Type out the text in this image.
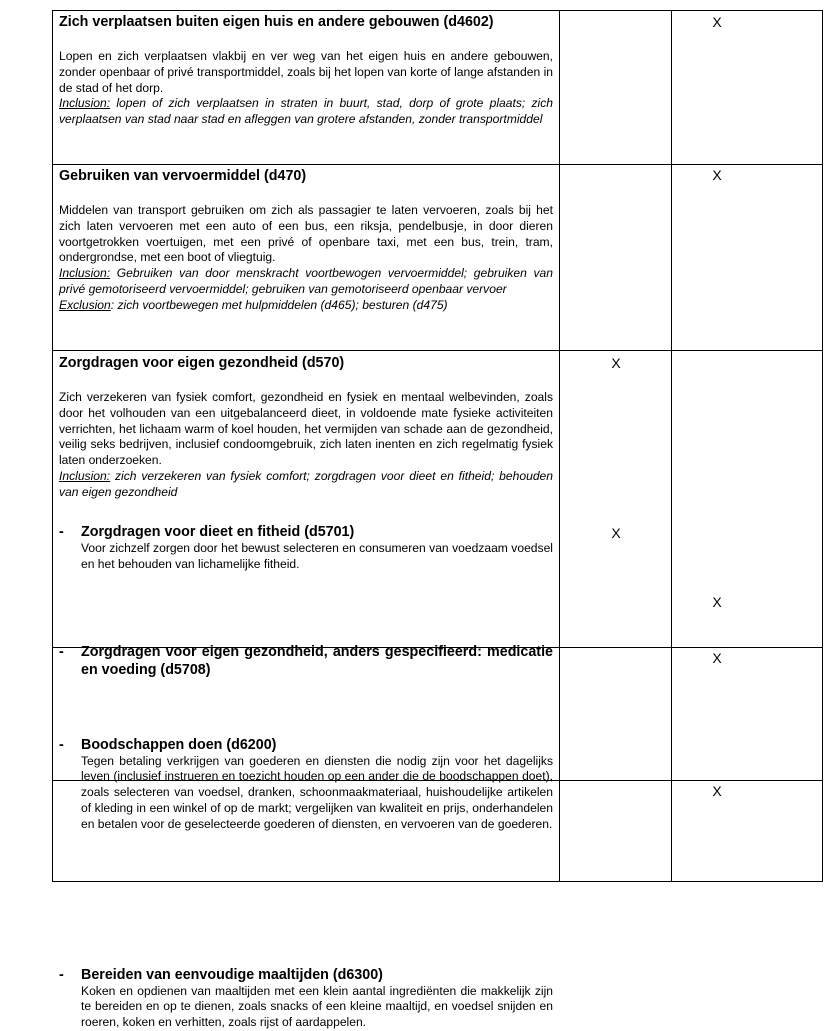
Zich verplaatsen buiten eigen huis en andere gebouwen (d4602)

Lopen en zich verplaatsen vlakbij en ver weg van het eigen huis en andere gebouwen, zonder openbaar of privé transportmiddel, zoals bij het lopen van korte of lange afstanden in de stad of het dorp.

Inclusion: lopen of zich verplaatsen in straten in buurt, stad, dorp of grote plaats; zich verplaatsen van stad naar stad en afleggen van grotere afstanden, zonder transportmiddel

X

Gebruiken van vervoermiddel (d470)

Middelen van transport gebruiken om zich als passagier te laten vervoeren, zoals bij het zich laten vervoeren met een auto of een bus, een riksja, pendelbusje, in door dieren voortgetrokken voertuigen, met een privé of openbare taxi, met een bus, trein, tram, ondergrondse, met een boot of vliegtuig.

Inclusion: Gebruiken van door menskracht voortbewogen vervoermiddel; gebruiken van privé gemotoriseerd vervoermiddel; gebruiken van gemotoriseerd openbaar vervoer

Exclusion: zich voortbewegen met hulpmiddelen (d465); besturen (d475)

X

Zorgdragen voor eigen gezondheid (d570)

Zich verzekeren van fysiek comfort, gezondheid en fysiek en mentaal welbevinden, zoals door het volhouden van een uitgebalanceerd dieet, in voldoende mate fysieke activiteiten verrichten, het lichaam warm of koel houden, het vermijden van schade aan de gezondheid, veilig seks bedrijven, inclusief condoomgebruik, zich laten inenten en zich regelmatig fysiek laten onderzoeken.

Inclusion: zich verzekeren van fysiek comfort; zorgdragen voor dieet en fitheid; behouden van eigen gezondheid

X
- Zorgdragen voor dieet en fitheid (d5701)

Voor zichzelf zorgen door het bewust selecteren en consumeren van voedzaam voedsel en het behouden van lichamelijke fitheid.

X
- Zorgdragen voor eigen gezondheid, anders gespecifieerd: medicatie en voeding (d5708)

X
- Boodschappen doen (d6200)

Tegen betaling verkrijgen van goederen en diensten die nodig zijn voor het dagelijks leven (inclusief instrueren en toezicht houden op een ander die de boodschappen doet), zoals selecteren van voedsel, dranken, schoonmaakmateriaal, huishoudelijke artikelen of kleding in een winkel of op de markt; vergelijken van kwaliteit en prijs, onderhandelen en betalen voor de geselecteerde goederen of diensten, en vervoeren van de goederen.

X
- Bereiden van eenvoudige maaltijden (d6300)

Koken en opdienen van maaltijden met een klein aantal ingrediënten die makkelijk zijn te bereiden en op te dienen, zoals snacks of een kleine maaltijd, en voedsel snijden en roeren, koken en verhitten, zoals rijst of aardappelen.

X
